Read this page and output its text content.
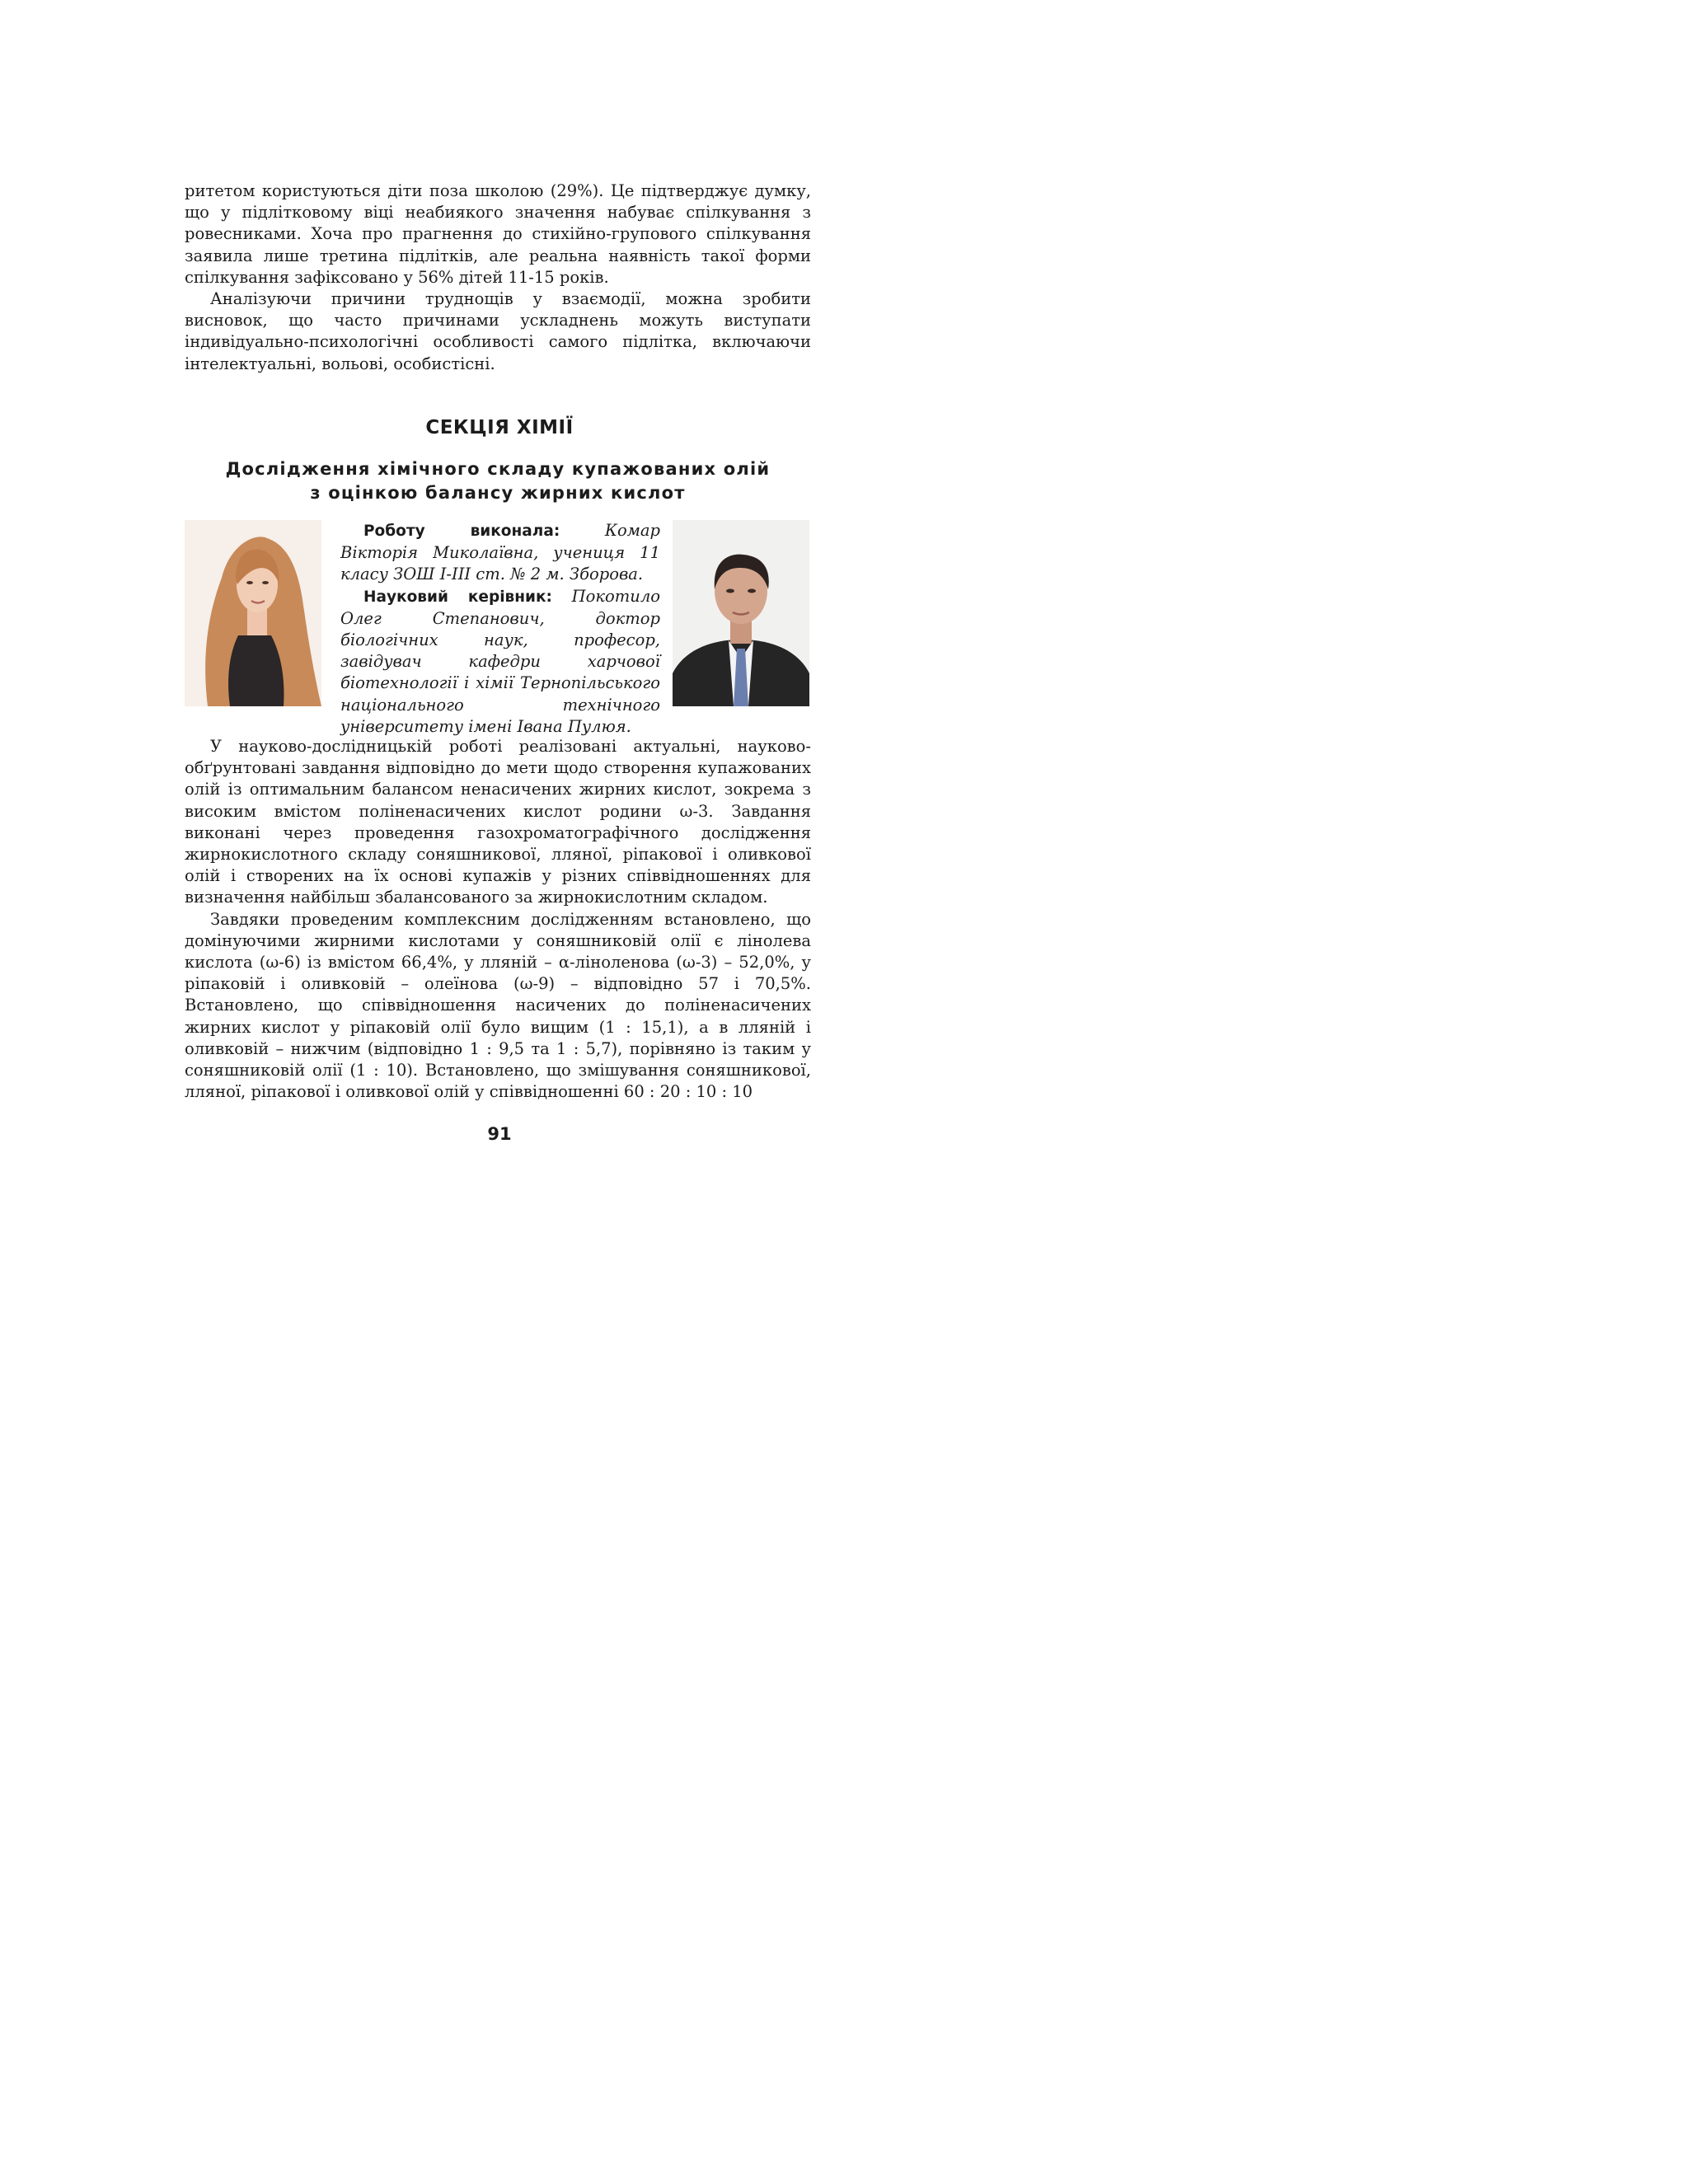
ритетом користуються діти поза школою (29%). Це підтверджує думку, що у підлітковому віці неабиякого значення набуває спілкування з ровесниками. Хоча про прагнення до стихійно-групового спілкування заявила лише третина підлітків, але реальна наявність такої форми спілкування зафіксовано у 56% дітей 11-15 років.

Аналізуючи причини труднощів у взаємодії, можна зробити висновок, що часто причинами ускладнень можуть виступати індивідуально-психологічні особливості самого підлітка, включаючи інтелектуальні, вольові, особистісні.

СЕКЦІЯ ХІМІЇ
Дослідження хімічного складу купажованих олій
з оцінкою балансу жирних кислот

Роботу виконала:	Комар Вікторія Миколаївна, учениця 11 класу ЗОШ І-ІІІ ст. № 2 м. Зборова.

Науковий керівник: Покотило Олег Степанович, доктор біологічних наук, професор, завідувач кафедри харчової біотехнології і хімії Тернопільського національного технічного університету імені Івана Пулюя.

У науково-дослідницькій роботі реалізовані актуальні, науково-обґрунтовані завдання відповідно до мети щодо створення купажованих олій із оптимальним балансом ненасичених жирних кислот, зокрема з високим вмістом поліненасичених кислот родини ω-3. Завдання виконані через проведення газохроматографічного дослідження жирнокислотного складу соняшникової, лляної, ріпакової і оливкової олій і створених на їх основі купажів у різних співвідношеннях для визначення найбільш збалансованого за жирнокислотним складом.

Завдяки проведеним комплексним дослідженням встановлено, що домінуючими жирними кислотами у соняшниковій олії є лінолева кислота (ω-6) із вмістом 66,4%, у лляній – α-ліноленова (ω-3) – 52,0%, у ріпаковій і оливковій – олеїнова (ω-9) – відповідно 57 і 70,5%. Встановлено, що співвідношення насичених до поліненасичених жирних кислот у ріпаковій олії було вищим (1 : 15,1), а в лляній і оливковій – нижчим (відповідно 1 : 9,5 та 1 : 5,7), порівняно із таким у соняшниковій олії (1 : 10). Встановлено, що змішування соняшникової, лляної, ріпакової і оливкової олій у співвідношенні 60 : 20 : 10 : 10

91
